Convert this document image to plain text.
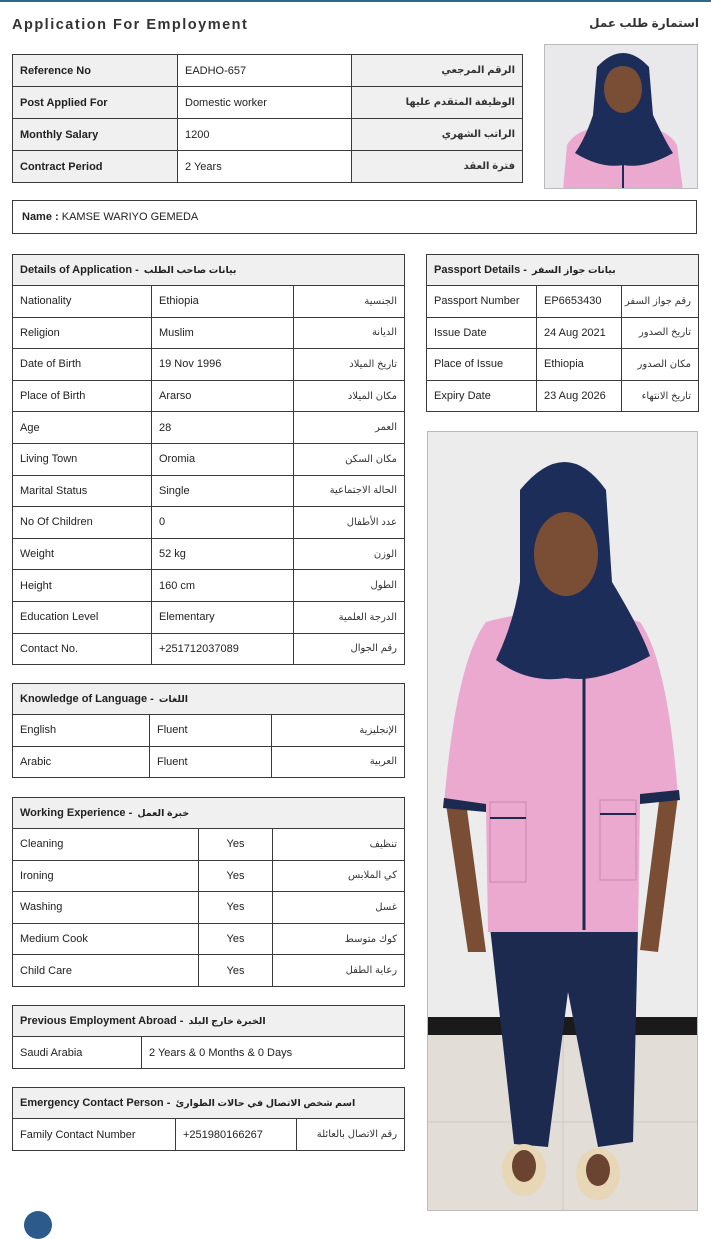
Application For Employment	استمارة طلب عمل
Reference No	EADHO-657	الرقم المرجعي
Post Applied For	Domestic worker	الوظيفة المتقدم عليها
Monthly Salary	1200	الراتب الشهري
Contract Period	2 Years	فترة العقد
Name :
KAMSE WARIYO GEMEDA
Details of Application - بيانات صاحب الطلب		
Nationality	Ethiopia	الجنسية
Religion	Muslim	الديانة
Date of Birth	19 Nov 1996	تاريخ الميلاد
Place of Birth	Ararso	مكان الميلاد
Age	28	العمر
Living Town	Oromia	مكان السكن
Marital Status	Single	الحالة الاجتماعية
No Of Children	0	عدد الأطفال
Weight	52 kg	الوزن
Height	160 cm	الطول
Education Level	Elementary	الدرجة العلمية
Contact No.	+251712037089	رقم الجوال
Passport Details - بيانات جواز السفر		
Passport Number	EP6653430	رقم جواز السفر
Issue Date	24 Aug 2021	تاريخ الصدور
Place of Issue	Ethiopia	مكان الصدور
Expiry Date	23 Aug 2026	تاريخ الانتهاء
Knowledge of Language - اللغات		
English	Fluent	الإنجليزية
Arabic	Fluent	العربية
Working Experience - خبرة العمل		
Cleaning	Yes	تنظيف
Ironing	Yes	كي الملابس
Washing	Yes	غسل
Medium Cook	Yes	كوك متوسط
Child Care	Yes	رعاية الطفل
Previous Employment Abroad - الخبرة خارج البلد
Saudi Arabia	2 Years & 0 Months & 0 Days
Emergency Contact Person - اسم شخص الاتصال في حالات الطوارئ
Family Contact Number	+251980166267	رقم الاتصال بالعائلة
